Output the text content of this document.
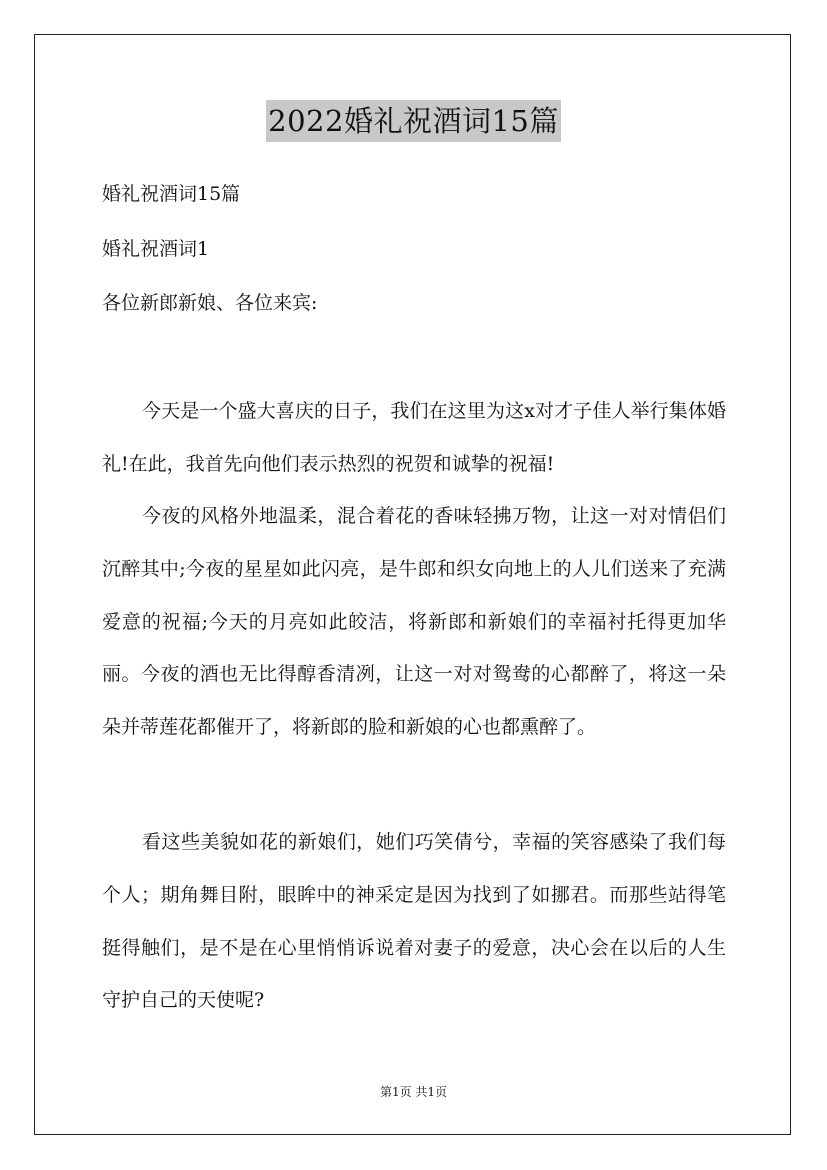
2022婚礼祝酒词15篇
婚礼祝酒词15篇
婚礼祝酒词1
各位新郎新娘、各位来宾:

今天是一个盛大喜庆的日子，我们在这里为这x对才子佳人举行集体婚礼!在此，我首先向他们表示热烈的祝贺和诚挚的祝福!

今夜的风格外地温柔，混合着花的香味轻拂万物，让这一对对情侣们沉醉其中;今夜的星星如此闪亮，是牛郎和织女向地上的人儿们送来了充满爱意的祝福;今天的月亮如此皎洁，将新郎和新娘们的幸福衬托得更加华丽。今夜的酒也无比得醇香清冽，让这一对对鸳鸯的心都醉了，将这一朵朵并蒂莲花都催开了，将新郎的脸和新娘的心也都熏醉了。

看这些美貌如花的新娘们，她们巧笑倩兮，幸福的笑容感染了我们每个人；期角舞目附，眼眸中的神采定是因为找到了如挪君。而那些站得笔挺得触们，是不是在心里悄悄诉说着对妻子的爱意，决心会在以后的人生守护自己的天使呢?

第1页 共1页
